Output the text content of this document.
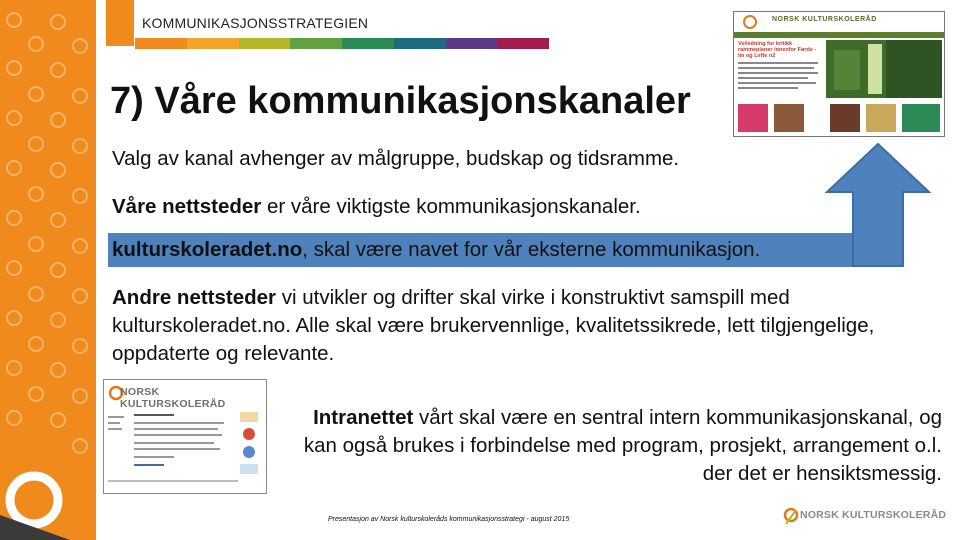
KOMMUNIKASJONSSTRATEGIEN
7) Våre kommunikasjonskanaler
Valg av kanal avhenger av målgruppe, budskap og tidsramme.
Våre nettsteder er våre viktigste kommunikasjonskanaler.
kulturskoleradet.no, skal være navet for vår eksterne kommunikasjon.
Andre nettsteder vi utvikler og drifter skal virke i konstruktivt samspill med kulturskoleradet.no. Alle skal være brukervennlige, kvalitetssikrede, lett tilgjengelige, oppdaterte og relevante.
Intranettet vårt skal være en sentral intern kommunikasjonskanal, og kan også brukes i forbindelse med program, prosjekt, arrangement o.l. der det er hensiktsmessig.
NORSK KULTURSKOLERÅD
Veiledning for kritikk rammeplaner innenfor Førde - lm og Lefte n2
NORSK KULTURSKOLERÅD
Presentasjon av Norsk kulturskoleråds kommunikasjonsstrategi - august 2015	NORSK KULTURSKOLERÅD
